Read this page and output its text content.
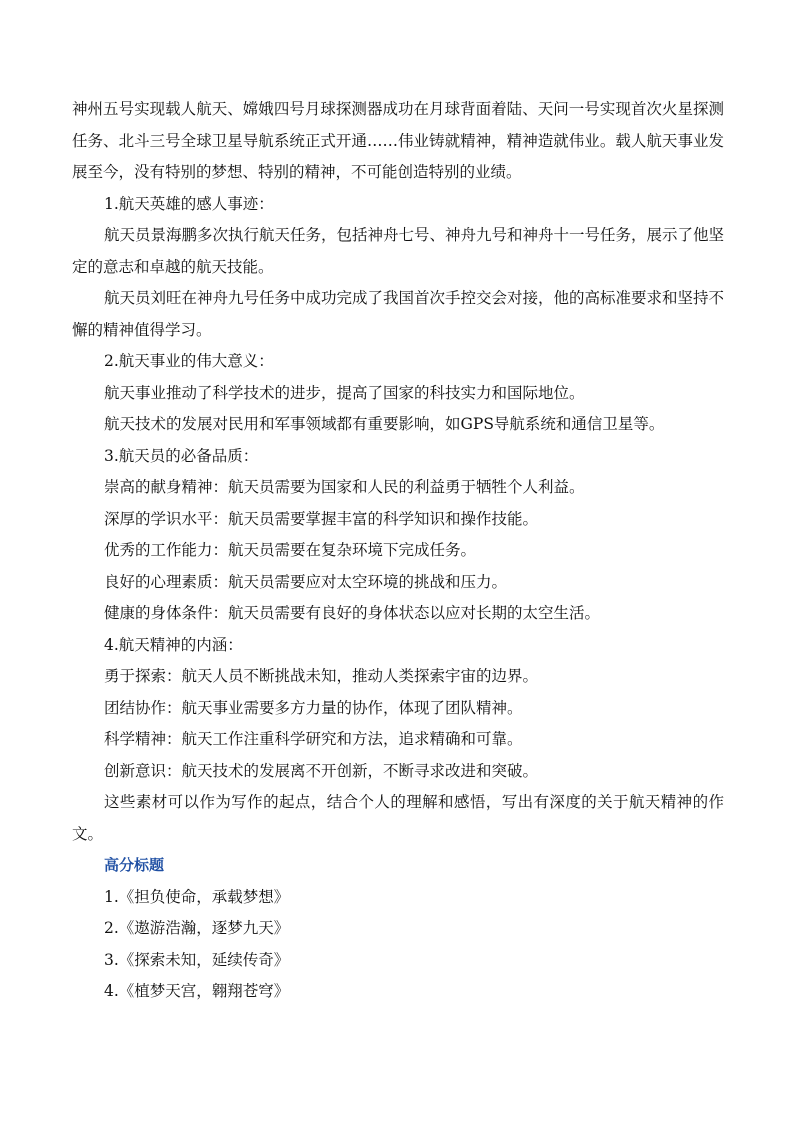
神州五号实现载人航天、嫦娥四号月球探测器成功在月球背面着陆、天问一号实现首次火星探测任务、北斗三号全球卫星导航系统正式开通……伟业铸就精神，精神造就伟业。载人航天事业发展至今，没有特别的梦想、特别的精神，不可能创造特别的业绩。

1.航天英雄的感人事迹：

航天员景海鹏多次执行航天任务，包括神舟七号、神舟九号和神舟十一号任务，展示了他坚定的意志和卓越的航天技能。

航天员刘旺在神舟九号任务中成功完成了我国首次手控交会对接，他的高标准要求和坚持不懈的精神值得学习。

2.航天事业的伟大意义：

航天事业推动了科学技术的进步，提高了国家的科技实力和国际地位。

航天技术的发展对民用和军事领域都有重要影响，如GPS导航系统和通信卫星等。

3.航天员的必备品质：

崇高的献身精神：航天员需要为国家和人民的利益勇于牺牲个人利益。

深厚的学识水平：航天员需要掌握丰富的科学知识和操作技能。

优秀的工作能力：航天员需要在复杂环境下完成任务。

良好的心理素质：航天员需要应对太空环境的挑战和压力。

健康的身体条件：航天员需要有良好的身体状态以应对长期的太空生活。

4.航天精神的内涵：

勇于探索：航天人员不断挑战未知，推动人类探索宇宙的边界。

团结协作：航天事业需要多方力量的协作，体现了团队精神。

科学精神：航天工作注重科学研究和方法，追求精确和可靠。

创新意识：航天技术的发展离不开创新，不断寻求改进和突破。

这些素材可以作为写作的起点，结合个人的理解和感悟，写出有深度的关于航天精神的作文。

高分标题

1.《担负使命，承载梦想》

2.《遨游浩瀚，逐梦九天》

3.《探索未知，延续传奇》

4.《植梦天宫，翱翔苍穹》
